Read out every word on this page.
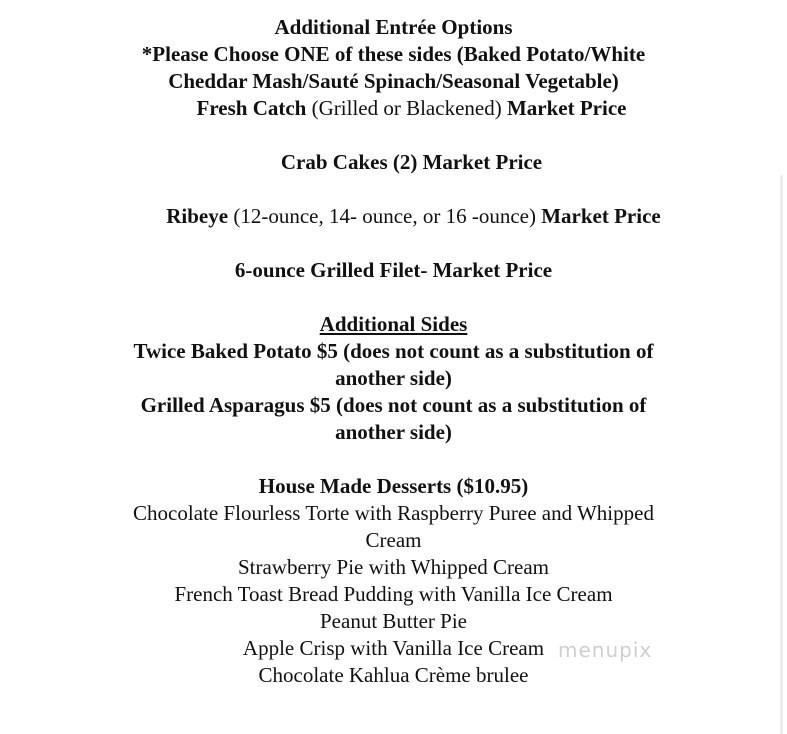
Additional Entrée Options
*Please Choose ONE of these sides (Baked Potato/White
Cheddar Mash/Sauté Spinach/Seasonal Vegetable)
Fresh Catch (Grilled or Blackened) Market Price
Crab Cakes (2) Market Price
Ribeye (12-ounce, 14- ounce, or 16 -ounce) Market Price
6-ounce Grilled Filet- Market Price
Additional Sides
Twice Baked Potato $5 (does not count as a substitution of
another side)
Grilled Asparagus $5 (does not count as a substitution of
another side)
House Made Desserts ($10.95)
Chocolate Flourless Torte with Raspberry Puree and Whipped
Cream
Strawberry Pie with Whipped Cream
French Toast Bread Pudding with Vanilla Ice Cream
Peanut Butter Pie
Apple Crisp with Vanilla Ice Cream
Chocolate Kahlua Crème brulee
menupix
